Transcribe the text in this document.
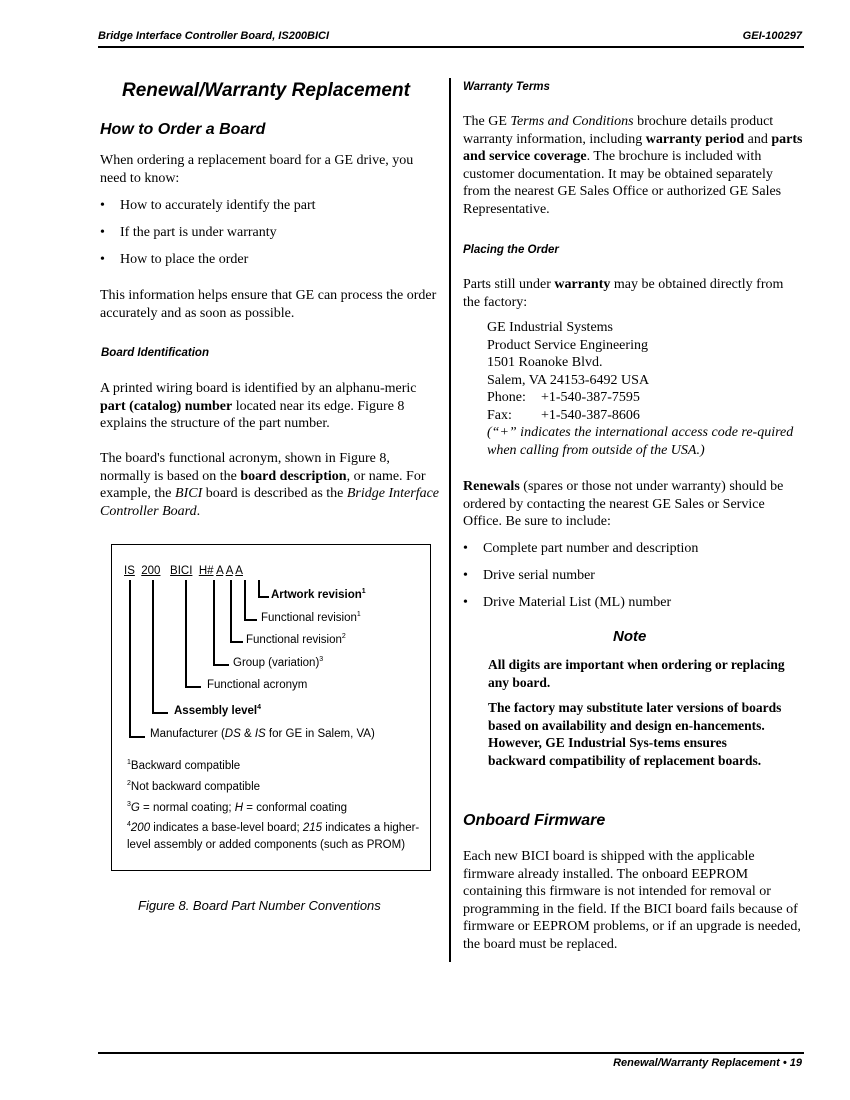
Bridge Interface Controller Board, IS200BICI	GEI-100297
Renewal/Warranty Replacement
How to Order a Board
When ordering a replacement board for a GE drive, you need to know:
• How to accurately identify the part
• If the part is under warranty
• How to place the order
This information helps ensure that GE can process the order accurately and as soon as possible.
Board Identification
A printed wiring board is identified by an alphanu-meric part (catalog) number located near its edge. Figure 8 explains the structure of the part number.
The board's functional acronym, shown in Figure 8, normally is based on the board description, or name. For example, the BICI board is described as the Bridge Interface Controller Board.
IS 200 BICI H# A A A
Artwork revision$^1$
Functional revision$^1$
Functional revision$^2$
Group (variation)$^3$
Functional acronym
Assembly level$^4$
Manufacturer (DS & IS for GE in Salem, VA)
$^1$Backward compatible
$^2$Not backward compatible
$^3$G = normal coating; H = conformal coating
$^4$200 indicates a base-level board; 215 indicates a higher-level assembly or added components (such as PROM)
Figure 8. Board Part Number Conventions
Warranty Terms
The GE Terms and Conditions brochure details product warranty information, including warranty period and parts and service coverage. The brochure is included with customer documentation. It may be obtained separately from the nearest GE Sales Office or authorized GE Sales Representative.
Placing the Order
Parts still under warranty may be obtained directly from the factory:
GE Industrial Systems
Product Service Engineering
1501 Roanoke Blvd.
Salem, VA 24153-6492 USA
Phone: +1-540-387-7595
Fax: +1-540-387-8606
(“+” indicates the international access code re-quired when calling from outside of the USA.)
Renewals (spares or those not under warranty) should be ordered by contacting the nearest GE Sales or Service Office. Be sure to include:
• Complete part number and description
• Drive serial number
• Drive Material List (ML) number
Note
All digits are important when ordering or replacing any board.
The factory may substitute later versions of boards based on availability and design en-hancements. However, GE Industrial Sys-tems ensures backward compatibility of replacement boards.
Onboard Firmware
Each new BICI board is shipped with the applicable firmware already installed. The onboard EEPROM containing this firmware is not intended for removal or programming in the field. If the BICI board fails because of firmware or EEPROM problems, or if an upgrade is needed, the board must be replaced.
Renewal/Warranty Replacement • 19
